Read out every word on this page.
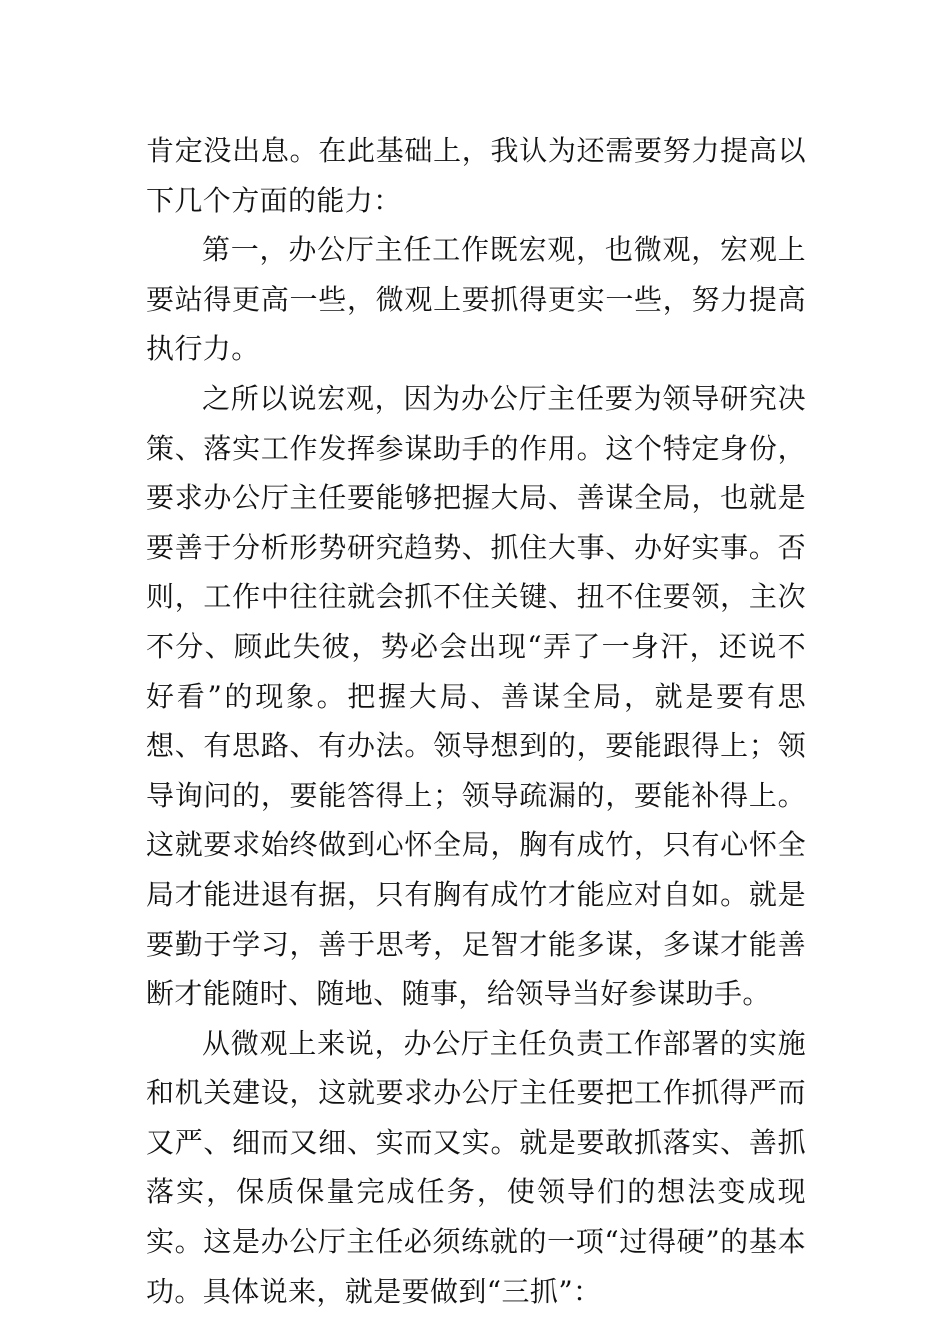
肯定没出息。在此基础上，我认为还需要努力提高以下几个方面的能力：

第一，办公厅主任工作既宏观，也微观，宏观上要站得更高一些，微观上要抓得更实一些，努力提高执行力。

之所以说宏观，因为办公厅主任要为领导研究决策、落实工作发挥参谋助手的作用。这个特定身份，要求办公厅主任要能够把握大局、善谋全局，也就是要善于分析形势研究趋势、抓住大事、办好实事。否则，工作中往往就会抓不住关键、扭不住要领，主次不分、顾此失彼，势必会出现“弄了一身汗，还说不好看”的现象。把握大局、善谋全局，就是要有思想、有思路、有办法。领导想到的，要能跟得上；领导询问的，要能答得上；领导疏漏的，要能补得上。这就要求始终做到心怀全局，胸有成竹，只有心怀全局才能进退有据，只有胸有成竹才能应对自如。就是要勤于学习，善于思考，足智才能多谋，多谋才能善断才能随时、随地、随事，给领导当好参谋助手。

从微观上来说，办公厅主任负责工作部署的实施和机关建设，这就要求办公厅主任要把工作抓得严而又严、细而又细、实而又实。就是要敢抓落实、善抓落实，保质保量完成任务，使领导们的想法变成现实。这是办公厅主任必须练就的一项“过得硬”的基本功。具体说来，就是要做到“三抓”：
